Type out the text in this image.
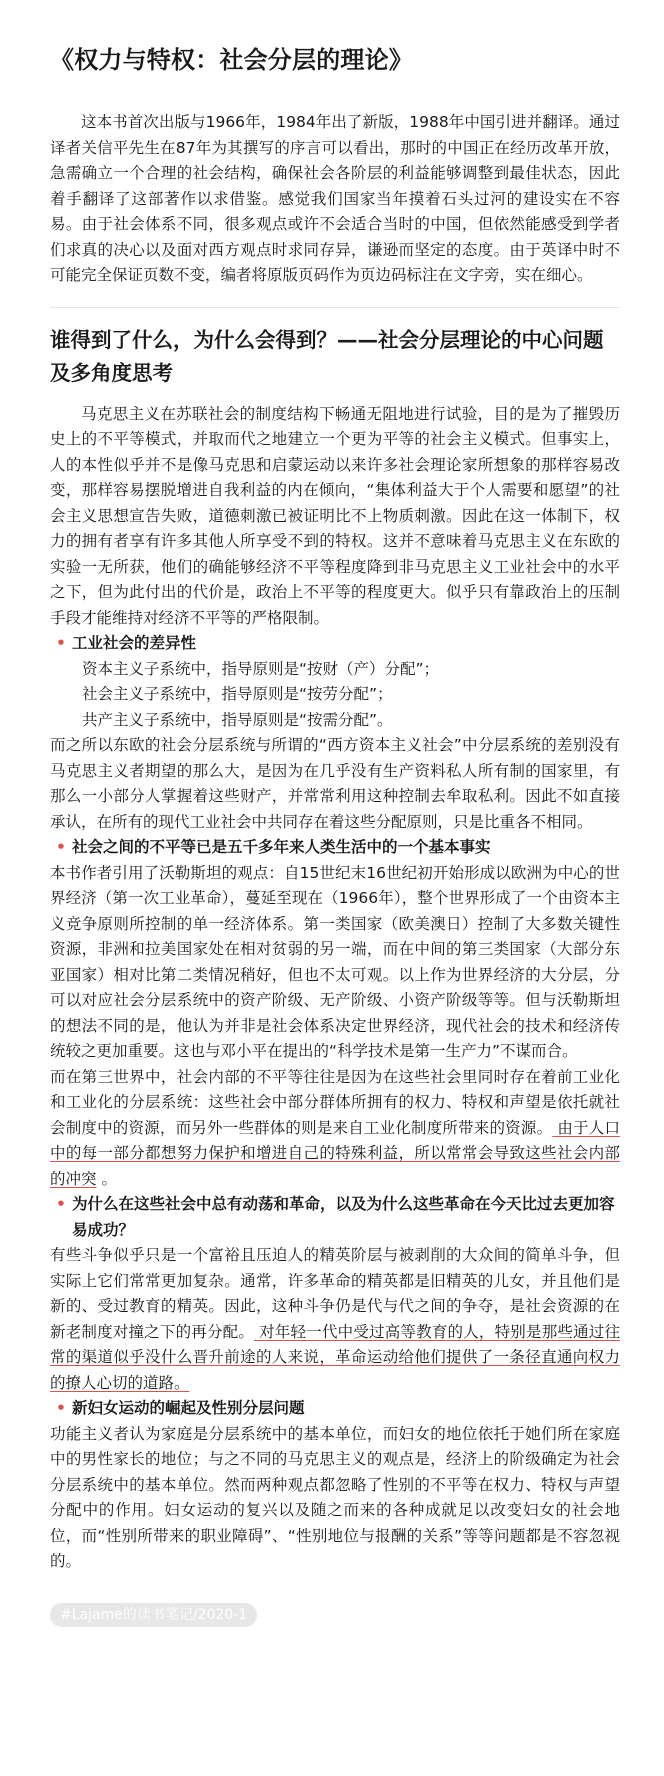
《权力与特权：社会分层的理论》

这本书首次出版与1966年，1984年出了新版，1988年中国引进并翻译。通过译者关信平先生在87年为其撰写的序言可以看出，那时的中国正在经历改革开放，急需确立一个合理的社会结构，确保社会各阶层的利益能够调整到最佳状态，因此着手翻译了这部著作以求借鉴。感觉我们国家当年摸着石头过河的建设实在不容易。由于社会体系不同，很多观点或许不会适合当时的中国，但依然能感受到学者们求真的决心以及面对西方观点时求同存异，谦逊而坚定的态度。由于英译中时不可能完全保证页数不变，编者将原版页码作为页边码标注在文字旁，实在细心。

谁得到了什么，为什么会得到？——社会分层理论的中心问题及多角度思考

马克思主义在苏联社会的制度结构下畅通无阻地进行试验，目的是为了摧毁历史上的不平等模式，并取而代之地建立一个更为平等的社会主义模式。但事实上，人的本性似乎并不是像马克思和启蒙运动以来许多社会理论家所想象的那样容易改变，那样容易摆脱增进自我利益的内在倾向，“集体利益大于个人需要和愿望”的社会主义思想宣告失败，道德刺激已被证明比不上物质刺激。因此在这一体制下，权力的拥有者享有许多其他人所享受不到的特权。这并不意味着马克思主义在东欧的实验一无所获，他们的确能够经济不平等程度降到非马克思主义工业社会中的水平之下，但为此付出的代价是，政治上不平等的程度更大。似乎只有靠政治上的压制手段才能维持对经济不平等的严格限制。

• 工业社会的差异性

资本主义子系统中，指导原则是“按财（产）分配”；

社会主义子系统中，指导原则是“按劳分配”；

共产主义子系统中，指导原则是“按需分配”。

而之所以东欧的社会分层系统与所谓的“西方资本主义社会”中分层系统的差别没有马克思主义者期望的那么大，是因为在几乎没有生产资料私人所有制的国家里，有那么一小部分人掌握着这些财产，并常常利用这种控制去牟取私利。因此不如直接承认，在所有的现代工业社会中共同存在着这些分配原则，只是比重各不相同。

• 社会之间的不平等已是五千多年来人类生活中的一个基本事实

本书作者引用了沃勒斯坦的观点：自15世纪末16世纪初开始形成以欧洲为中心的世界经济（第一次工业革命），蔓延至现在（1966年），整个世界形成了一个由资本主义竞争原则所控制的单一经济体系。第一类国家（欧美澳日）控制了大多数关键性资源，非洲和拉美国家处在相对贫弱的另一端，而在中间的第三类国家（大部分东亚国家）相对比第二类情况稍好，但也不太可观。以上作为世界经济的大分层，分可以对应社会分层系统中的资产阶级、无产阶级、小资产阶级等等。但与沃勒斯坦的想法不同的是，他认为并非是社会体系决定世界经济，现代社会的技术和经济传统较之更加重要。这也与邓小平在提出的“科学技术是第一生产力”不谋而合。

而在第三世界中，社会内部的不平等往往是因为在这些社会里同时存在着前工业化和工业化的分层系统：这些社会中部分群体所拥有的权力、特权和声望是依托就社会制度中的资源，而另外一些群体的则是来自工业化制度所带来的资源。 由于人口中的每一部分都想努力保护和增进自己的特殊利益，所以常常会导致这些社会内部的冲突 。

• 为什么在这些社会中总有动荡和革命，以及为什么这些革命在今天比过去更加容易成功？

有些斗争似乎只是一个富裕且压迫人的精英阶层与被剥削的大众间的简单斗争，但实际上它们常常更加复杂。通常，许多革命的精英都是旧精英的儿女，并且他们是新的、受过教育的精英。因此，这种斗争仍是代与代之间的争夺，是社会资源的在新老制度对撞之下的再分配。 对年轻一代中受过高等教育的人，特别是那些通过往常的渠道似乎没什么晋升前途的人来说，革命运动给他们提供了一条径直通向权力的撩人心切的道路。

• 新妇女运动的崛起及性别分层问题

功能主义者认为家庭是分层系统中的基本单位，而妇女的地位依托于她们所在家庭中的男性家长的地位；与之不同的马克思主义的观点是，经济上的阶级确定为社会分层系统中的基本单位。然而两种观点都忽略了性别的不平等在权力、特权与声望分配中的作用。妇女运动的复兴以及随之而来的各种成就足以改变妇女的社会地位，而“性别所带来的职业障碍”、“性别地位与报酬的关系”等等问题都是不容忽视的。

#Lajame的读书笔记/2020-1
